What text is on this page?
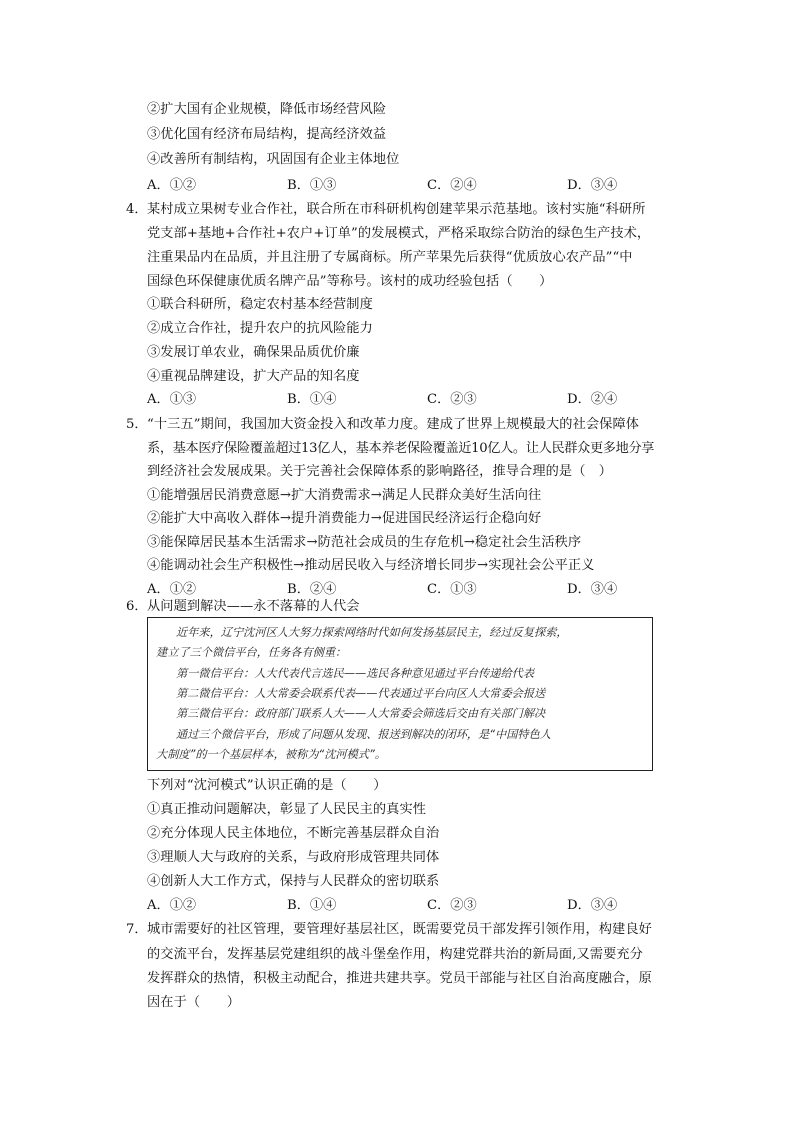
②扩大国有企业规模，降低市场经营风险
③优化国有经济布局结构，提高经济效益
④改善所有制结构，巩固国有企业主体地位
A．①②	B．①③	C．②④	D．③④
4． 某村成立果树专业合作社，联合所在市科研机构创建苹果示范基地。该村实施“科研所
党支部+基地+合作社+农户+订单”的发展模式，严格采取综合防治的绿色生产技术，
注重果品内在品质，并且注册了专属商标。所产苹果先后获得“优质放心农产品”“中
国绿色环保健康优质名牌产品”等称号。该村的成功经验包括（　　）
①联合科研所，稳定农村基本经营制度
②成立合作社，提升农户的抗风险能力
③发展订单农业，确保果品质优价廉
④重视品牌建设，扩大产品的知名度
A．①③	B．①④	C．②③	D．②④
5． “十三五”期间，我国加大资金投入和改革力度。建成了世界上规模最大的社会保障体
系，基本医疗保险覆盖超过13亿人，基本养老保险覆盖近10亿人。让人民群众更多地分享
到经济社会发展成果。关于完善社会保障体系的影响路径，推导合理的是（　）
①能增强居民消费意愿→扩大消费需求→满足人民群众美好生活向往
②能扩大中高收入群体→提升消费能力→促进国民经济运行企稳向好
③能保障居民基本生活需求→防范社会成员的生存危机→稳定社会生活秩序
④能调动社会生产积极性→推动居民收入与经济增长同步→实现社会公平正义
A．①②	B．②④	C．①③	D．③④
6． 从问题到解决——永不落幕的人代会
近年来，辽宁沈河区人大努力探索网络时代如何发扬基层民主，经过反复探索，
建立了三个微信平台，任务各有侧重：
第一微信平台：人大代表代言选民——选民各种意见通过平台传递给代表
第二微信平台：人大常委会联系代表——代表通过平台向区人大常委会报送
第三微信平台：政府部门联系人大——人大常委会筛选后交由有关部门解决
通过三个微信平台，形成了问题从发现、报送到解决的闭环，是“中国特色人
大制度”的一个基层样本，被称为“沈河模式”。
下列对“沈河模式”认识正确的是（　　）
①真正推动问题解决，彰显了人民民主的真实性
②充分体现人民主体地位，不断完善基层群众自治
③理顺人大与政府的关系，与政府形成管理共同体
④创新人大工作方式，保持与人民群众的密切联系
A．①②	B．①④	C．②③	D．③④
7． 城市需要好的社区管理，要管理好基层社区，既需要党员干部发挥引领作用，构建良好
的交流平台，发挥基层党建组织的战斗堡垒作用，构建党群共治的新局面,又需要充分
发挥群众的热情，积极主动配合，推进共建共享。党员干部能与社区自治高度融合，原
因在于（　　）
